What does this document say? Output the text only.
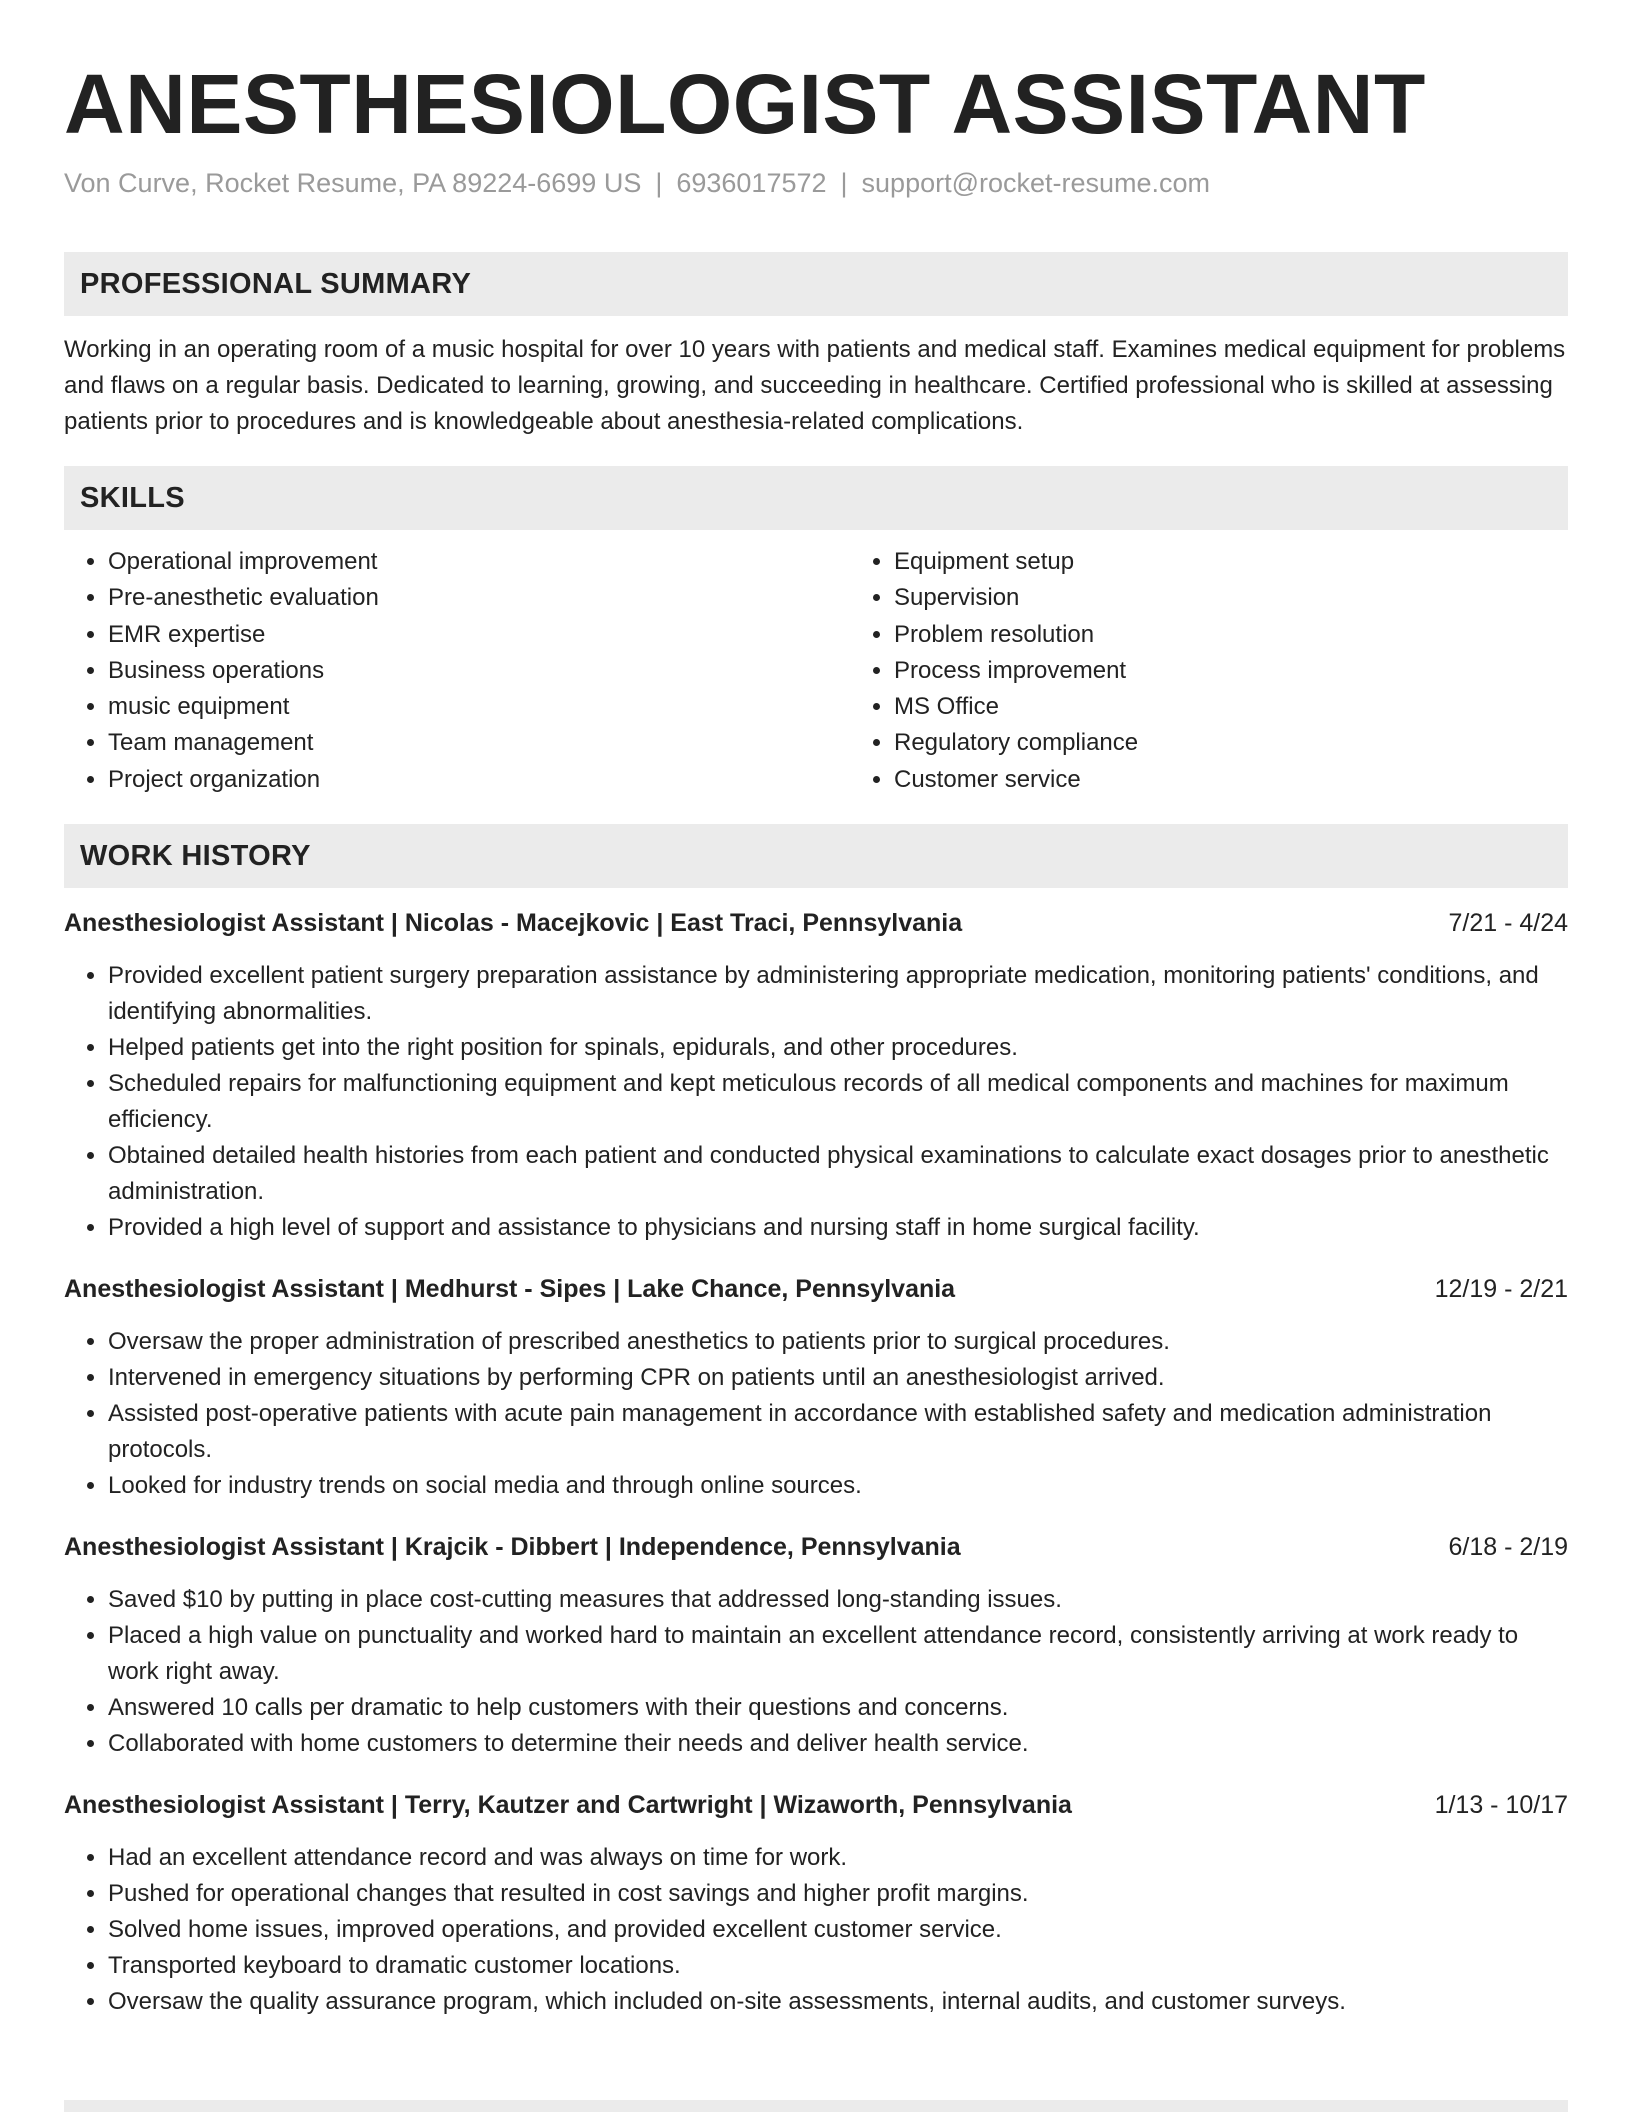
ANESTHESIOLOGIST ASSISTANT
Von Curve, Rocket Resume, PA 89224-6699 US | 6936017572 | support@rocket-resume.com
PROFESSIONAL SUMMARY

Working in an operating room of a music hospital for over 10 years with patients and medical staff. Examines medical equipment for problems and flaws on a regular basis. Dedicated to learning, growing, and succeeding in healthcare. Certified professional who is skilled at assessing patients prior to procedures and is knowledgeable about anesthesia-related complications.

SKILLS
• Operational improvement
• Pre-anesthetic evaluation
• EMR expertise
• Business operations
• music equipment
• Team management
• Project organization
• Equipment setup
• Supervision
• Problem resolution
• Process improvement
• MS Office
• Regulatory compliance
• Customer service
WORK HISTORY
Anesthesiologist Assistant | Nicolas - Macejkovic | East Traci, Pennsylvania	7/21 - 4/24
• Provided excellent patient surgery preparation assistance by administering appropriate medication, monitoring patients' conditions, and identifying abnormalities.
• Helped patients get into the right position for spinals, epidurals, and other procedures.
• Scheduled repairs for malfunctioning equipment and kept meticulous records of all medical components and machines for maximum efficiency.
• Obtained detailed health histories from each patient and conducted physical examinations to calculate exact dosages prior to anesthetic administration.
• Provided a high level of support and assistance to physicians and nursing staff in home surgical facility.
Anesthesiologist Assistant | Medhurst - Sipes | Lake Chance, Pennsylvania	12/19 - 2/21
• Oversaw the proper administration of prescribed anesthetics to patients prior to surgical procedures.
• Intervened in emergency situations by performing CPR on patients until an anesthesiologist arrived.
• Assisted post-operative patients with acute pain management in accordance with established safety and medication administration protocols.
• Looked for industry trends on social media and through online sources.
Anesthesiologist Assistant | Krajcik - Dibbert | Independence, Pennsylvania	6/18 - 2/19
• Saved $10 by putting in place cost-cutting measures that addressed long-standing issues.
• Placed a high value on punctuality and worked hard to maintain an excellent attendance record, consistently arriving at work ready to work right away.
• Answered 10 calls per dramatic to help customers with their questions and concerns.
• Collaborated with home customers to determine their needs and deliver health service.
Anesthesiologist Assistant | Terry, Kautzer and Cartwright | Wizaworth, Pennsylvania	1/13 - 10/17
• Had an excellent attendance record and was always on time for work.
• Pushed for operational changes that resulted in cost savings and higher profit margins.
• Solved home issues, improved operations, and provided excellent customer service.
• Transported keyboard to dramatic customer locations.
• Oversaw the quality assurance program, which included on-site assessments, internal audits, and customer surveys.
